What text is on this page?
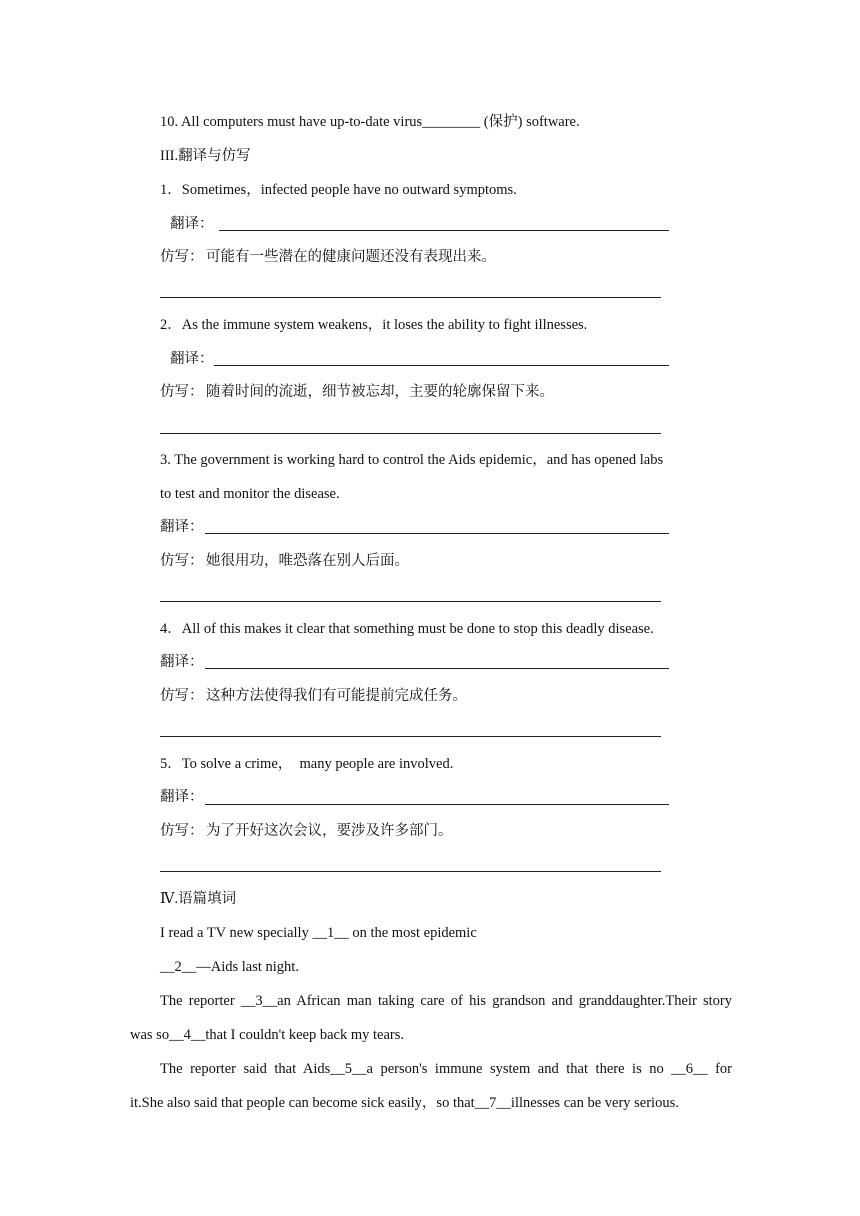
10. All computers must have up-to-date virus________ (保护) software.
III.翻译与仿写
1．Sometimes，infected people have no outward symptoms.
翻译：
仿写： 可能有一些潜在的健康问题还没有表现出来。
2．As the immune system weakens，it loses the ability to fight illnesses.
翻译：
仿写： 随着时间的流逝，细节被忘却，主要的轮廓保留下来。
3. The government is working hard to control the Aids epidemic，and has opened labs
to test and monitor the disease.
翻译：
仿写： 她很用功，唯恐落在别人后面。
4．All of this makes it clear that something must be done to stop this deadly disease.
翻译：
仿写： 这种方法使得我们有可能提前完成任务。
5．To solve a crime，  many people are involved.
翻译：
仿写： 为了开好这次会议，要涉及许多部门。
Ⅳ.语篇填词
I read a TV new specially __1__ on the most epidemic
__2__—Aids last night.
The reporter __3__an African man taking care of his grandson and granddaughter.Their story
was so__4__that I couldn't keep back my tears.
The reporter said that Aids__5__a person's immune system and that there is no __6__ for
it.She also said that people can become sick easily，so that__7__illnesses can be very serious.
